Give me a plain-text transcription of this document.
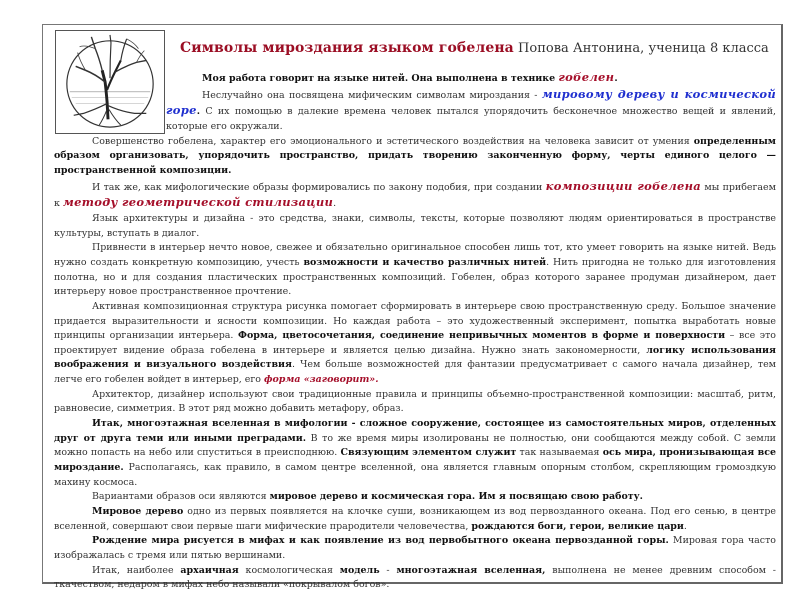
Символы мироздания языком гобелена Попова Антонина, ученица 8 класса

Моя работа говорит на языке нитей. Она выполнена в технике гобелен.

Неслучайно она посвящена мифическим символам мироздания - мировому дереву и космической горе. С их помощью в далекие времена человек пытался упорядочить бесконечное множество вещей и явлений, которые его окружали.

Совершенство гобелена, характер его эмоционального и эстетического воздействия на человека зависит от умения определенным образом организовать, упорядочить пространство, придать творению законченную форму, черты единого целого — пространственной композиции.

И так же, как мифологические образы формировались по закону подобия, при создании композиции гобелена мы прибегаем к методу геометрической стилизации.

Язык архитектуры и дизайна - это средства, знаки, символы, тексты, которые позволяют людям ориентироваться в пространстве культуры, вступать в диалог.

Привнести в интерьер нечто новое, свежее и обязательно оригинальное способен лишь тот, кто умеет говорить на языке нитей. Ведь нужно создать конкретную композицию, учесть возможности и качество различных нитей. Нить пригодна не только для изготовления полотна, но и для создания пластических пространственных композиций. Гобелен, образ которого заранее продуман дизайнером, дает интерьеру новое пространственное прочтение.

Активная композиционная структура рисунка помогает сформировать в интерьере свою пространственную среду. Большое значение придается выразительности и ясности композиции. Но каждая работа – это художественный эксперимент, попытка выработать новые принципы организации интерьера. Форма, цветосочетания, соединение непривычных моментов в форме и поверхности – все это проектирует видение образа гобелена в интерьере и является целью дизайна. Нужно знать закономерности, логику использования воображения и визуального воздействия. Чем больше возможностей для фантазии предусматривает с самого начала дизайнер, тем легче его гобелен войдет в интерьер, его форма «заговорит».

Архитектор, дизайнер используют свои традиционные правила и принципы объемно-пространственной композиции: масштаб, ритм, равновесие, симметрия. В этот ряд можно добавить метафору, образ.

Итак, многоэтажная вселенная в мифологии - сложное сооружение, состоящее из самостоятельных миров, отделенных друг от друга теми или иными преградами. В то же время миры изолированы не полностью, они сообщаются между собой. С земли можно попасть на небо или спуститься в преисподнюю. Связующим элементом служит так называемая ось мира, пронизывающая все мироздание. Располагаясь, как правило, в самом центре вселенной, она является главным опорным столбом, скрепляющим громоздкую махину космоса.

Вариантами образов оси являются мировое дерево и космическая гора. Им я посвящаю свою работу.

Мировое дерево одно из первых появляется на клочке суши, возникающем из вод первозданного океана. Под его сенью, в центре вселенной, совершают свои первые шаги мифические прародители человечества, рождаются боги, герои, великие цари.

Рождение мира рисуется в мифах и как появление из вод первобытного океана первозданной горы. Мировая гора часто изображалась с тремя или пятью вершинами.

Итак, наиболее архаичная космологическая модель - многоэтажная вселенная, выполнена не менее древним способом - ткачеством, недаром в мифах небо называли «покрывалом богов».
